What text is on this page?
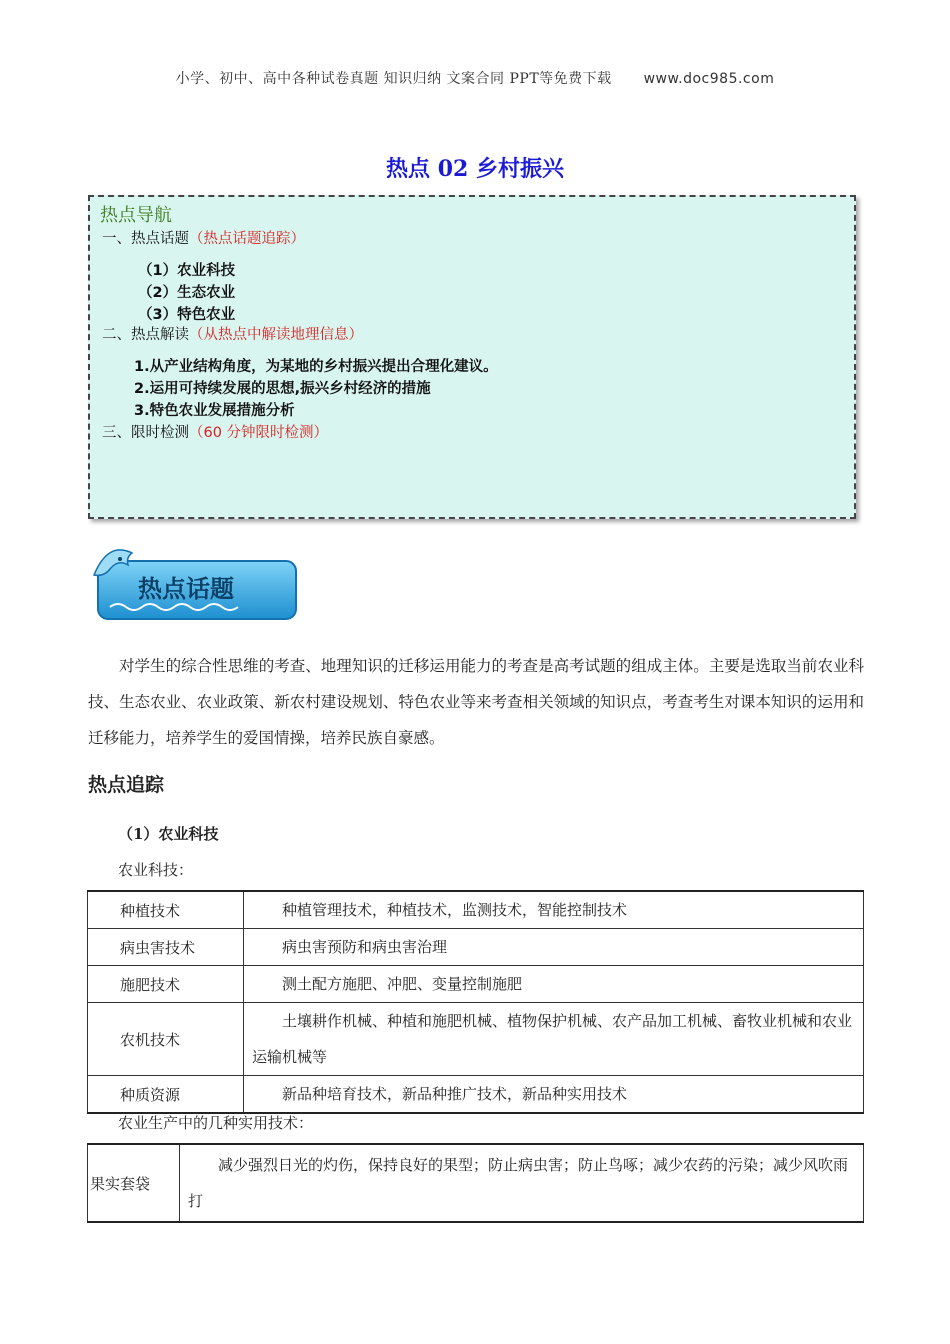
小学、初中、高中各种试卷真题 知识归纳 文案合同 PPT等免费下载 www.doc985.com
热点 02 乡村振兴
热点导航
一、热点话题（热点话题追踪）
（1）农业科技
（2）生态农业
（3）特色农业
二、热点解读（从热点中解读地理信息）
1.从产业结构角度，为某地的乡村振兴提出合理化建议。
2.运用可持续发展的思想,振兴乡村经济的措施
3.特色农业发展措施分析
三、限时检测（60 分钟限时检测）
热点话题
对学生的综合性思维的考查、地理知识的迁移运用能力的考查是高考试题的组成主体。主要是选取当前农业科技、生态农业、农业政策、新农村建设规划、特色农业等来考查相关领域的知识点，考查考生对课本知识的运用和迁移能力，培养学生的爱国情操，培养民族自豪感。
热点追踪
（1）农业科技
农业科技：
种植技术	种植管理技术，种植技术，监测技术，智能控制技术
病虫害技术	病虫害预防和病虫害治理
施肥技术	测土配方施肥、冲肥、变量控制施肥
农机技术	土壤耕作机械、种植和施肥机械、植物保护机械、农产品加工机械、畜牧业机械和农业运输机械等
种质资源	新品种培育技术，新品种推广技术，新品种实用技术
农业生产中的几种实用技术：
果实套袋	减少强烈日光的灼伤，保持良好的果型；防止病虫害；防止鸟啄；减少农药的污染；减少风吹雨打
